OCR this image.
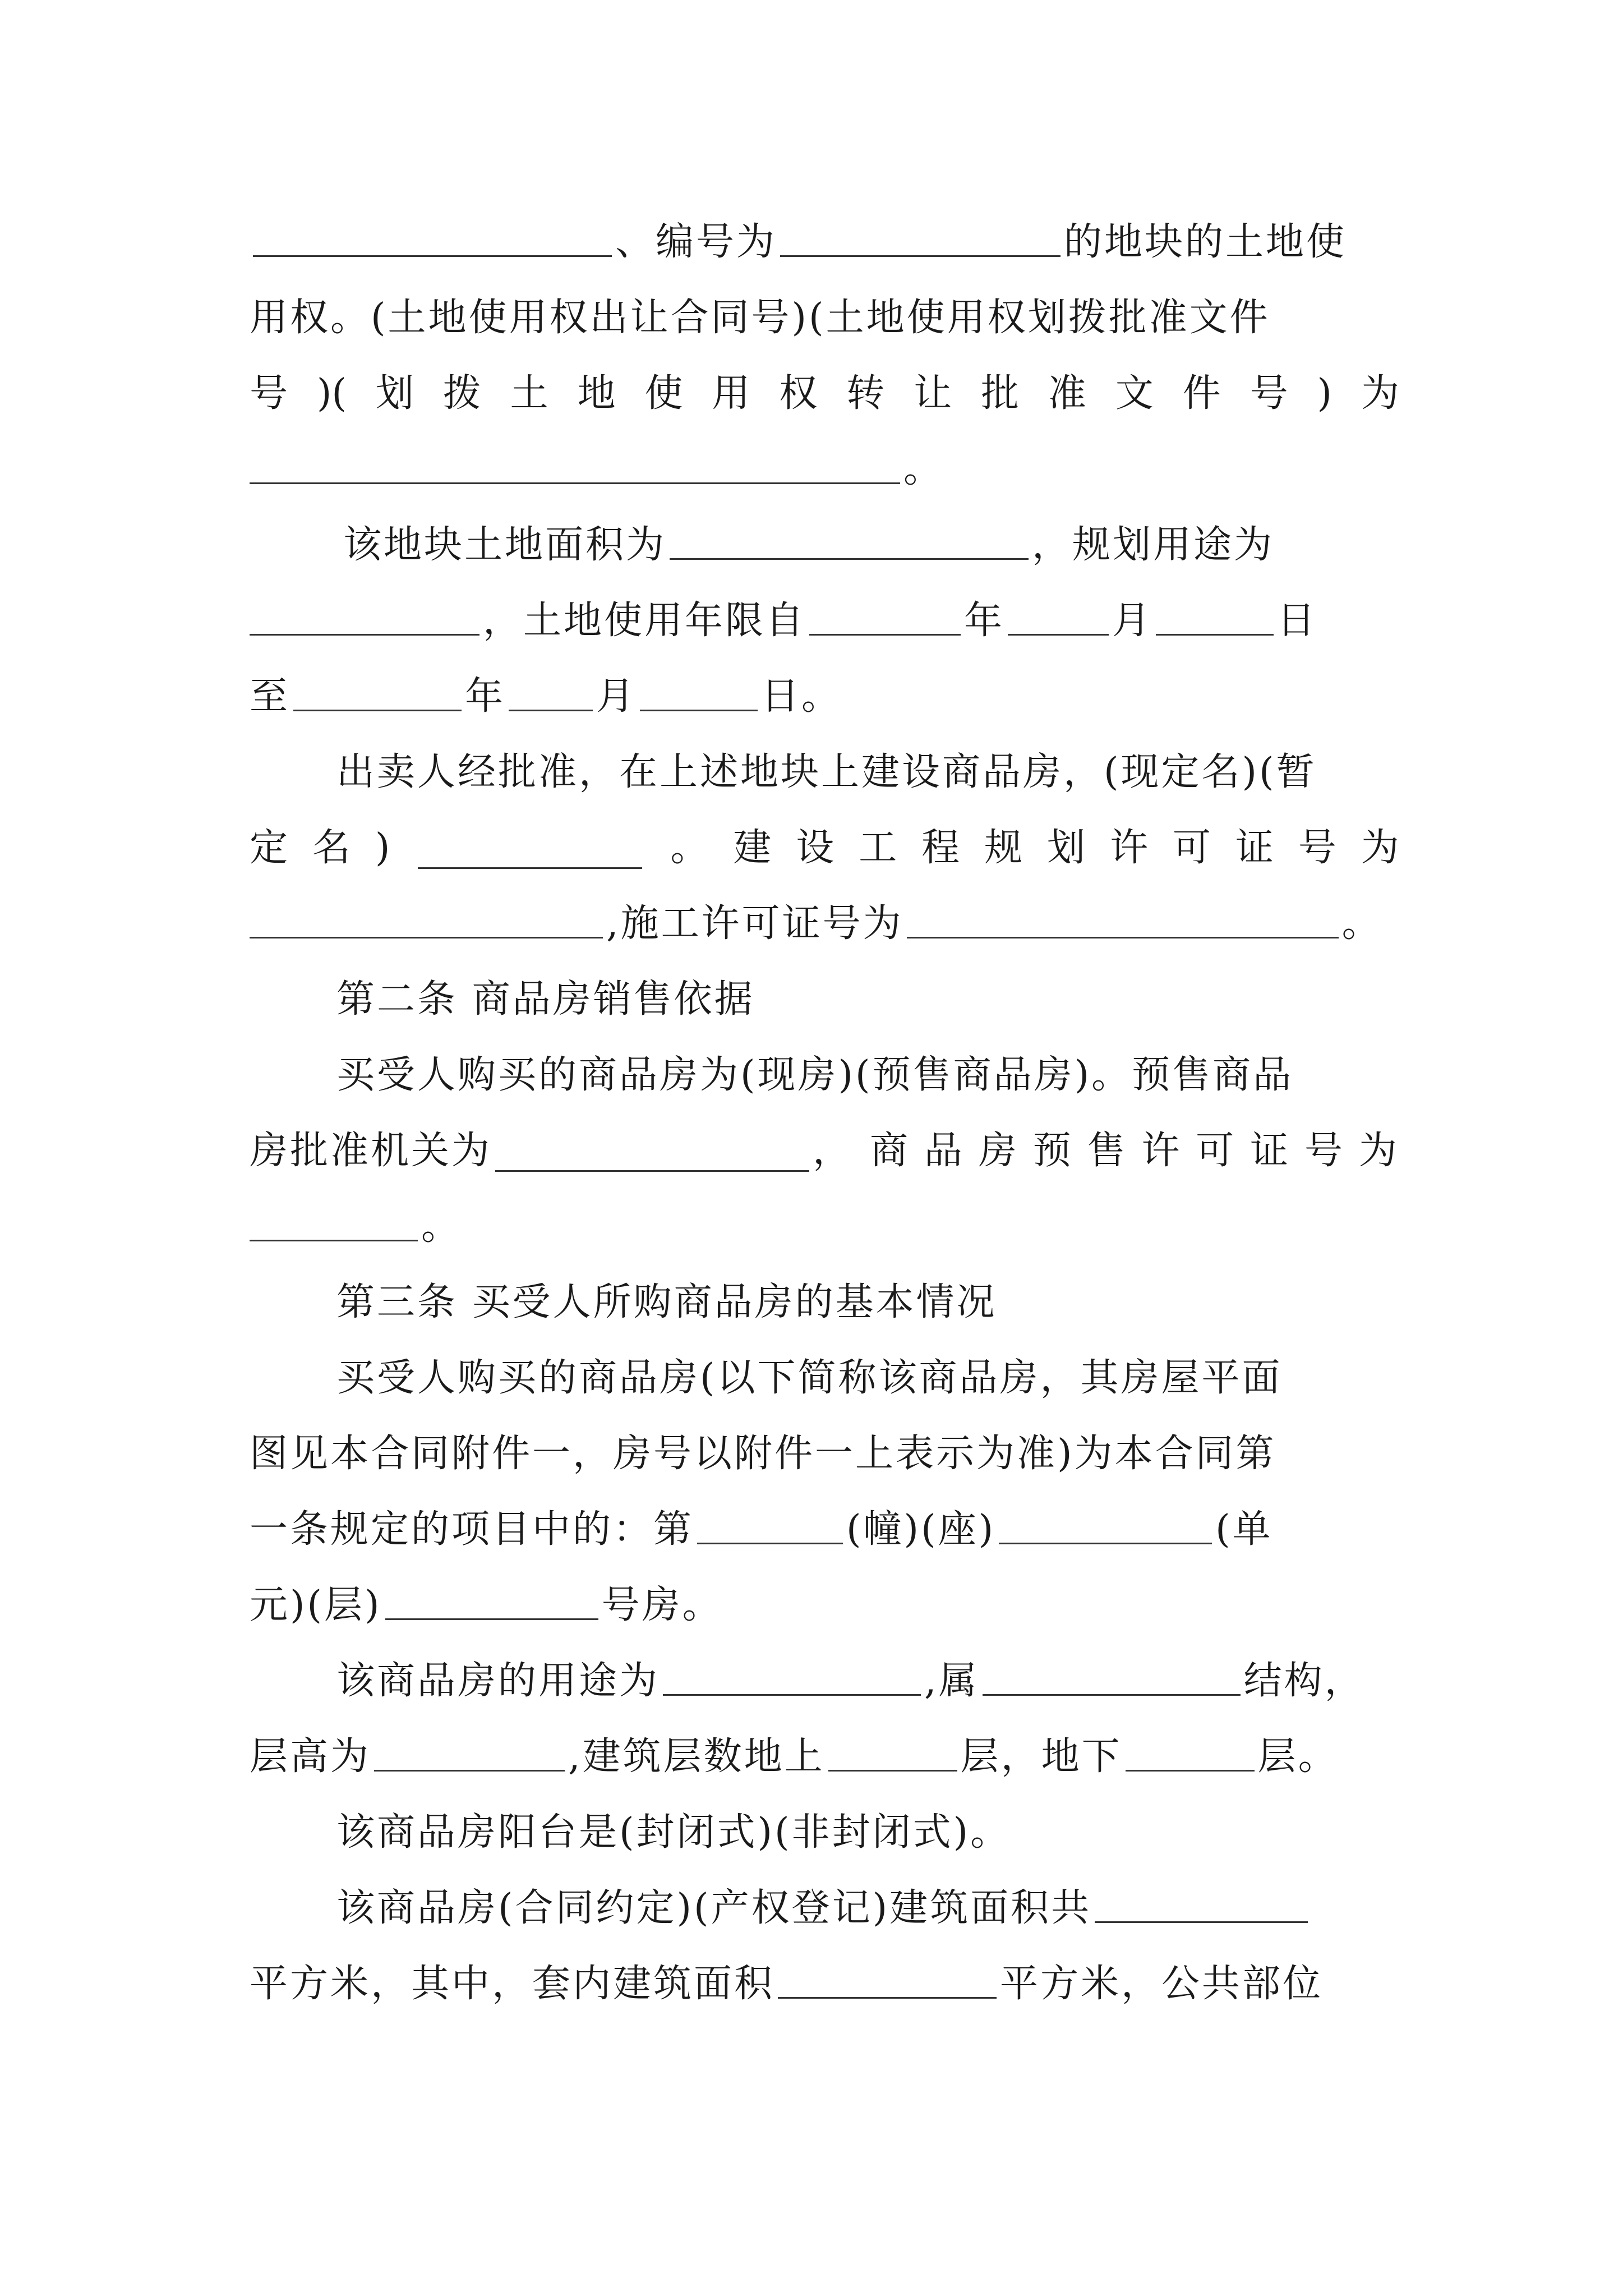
、编号为	的地块的土地使
用权。(土地使用权出让合同号)(土地使用权划拨批准文件
号 )( 划 拨 土 地 使 用 权 转 让 批 准 文 件 号 ) 为
。
该地块土地面积为	，规划用途为
，土地使用年限自	年	月	日
至	年 月	日。
出卖人经批准，在上述地块上建设商品房，(现定名)(暂
定 名 )	。 建 设 工 程 规 划 许 可 证 号 为
,施工许可证号为	。
第二条 商品房销售依据
买受人购买的商品房为(现房)(预售商品房)。预售商品
房批准机关为	， 商 品 房 预 售 许 可 证 号 为
。
第三条 买受人所购商品房的基本情况
买受人购买的商品房(以下简称该商品房，其房屋平面
图见本合同附件一，房号以附件一上表示为准)为本合同第
一条规定的项目中的：第	(幢)(座)	(单
元)(层)	号房。
该商品房的用途为	,属	结构，
层高为	,建筑层数地上	层，地下	层。
该商品房阳台是(封闭式)(非封闭式)。
该商品房(合同约定)(产权登记)建筑面积共
平方米，其中，套内建筑面积	平方米，公共部位
